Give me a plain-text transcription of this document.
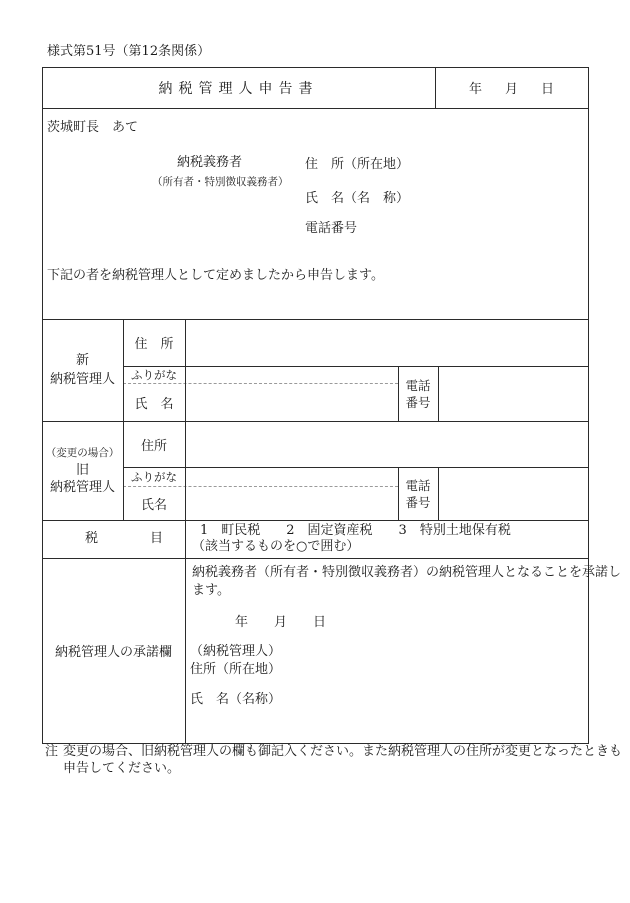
様式第51号（第12条関係）
納税管理人申告書	年 月 日
茨城町長　あて
納税義務者
（所有者・特別徴収義務者）
住　所（所在地）
氏　名（名　称）
電話番号
下記の者を納税管理人として定めましたから申告します。
新
納税管理人
住　所
ふりがな
氏　名
電話
番号
（変更の場合）
旧
納税管理人
住所
ふりがな
氏名
電話
番号
税	目
1　町民税　　2　固定資産税　　3　特別土地保有税
（該当するものを○で囲む）
納税管理人の承諾欄
納税義務者（所有者・特別徴収義務者）の納税管理人となることを承諾し
ます。
年 月 日
（納税管理人）
住所（所在地）
氏　名（名称）
注 変更の場合、旧納税管理人の欄も御記入ください。また納税管理人の住所が変更となったときも
申告してください。
